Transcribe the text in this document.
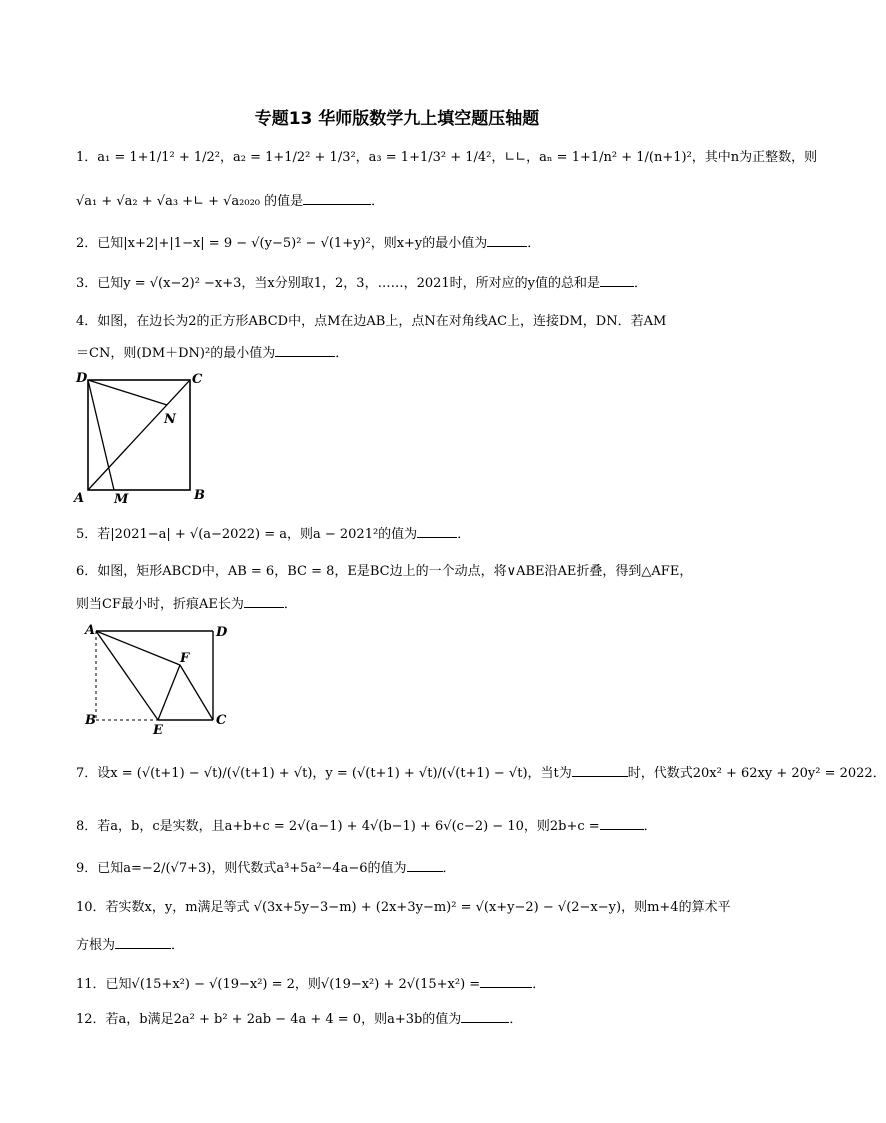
专题13 华师版数学九上填空题压轴题
1．a₁ = 1+1/1² + 1/2²，a₂ = 1+1/2² + 1/3²，a₃ = 1+1/3² + 1/4²，∟∟，aₙ = 1+1/n² + 1/(n+1)²，其中n为正整数，则
√a₁ + √a₂ + √a₃ +∟ + √a₂₀₂₀ 的值是	．
2．已知|x+2|+|1−x| = 9 − √(y−5)² − √(1+y)²，则x+y的最小值为	．
3．已知y = √(x−2)² −x+3，当x分别取1，2，3，……，2021时，所对应的y值的总和是	．
4．如图，在边长为2的正方形ABCD中，点M在边AB上，点N在对角线AC上，连接DM，DN．若AM
＝CN，则(DM＋DN)²的最小值为	．
D	C
N
A M	B
5．若|2021−a| + √(a−2022) = a，则a − 2021²的值为	．
6．如图，矩形ABCD中，AB = 6，BC = 8，E是BC边上的一个动点，将∨ABE沿AE折叠，得到△AFE，
则当CF最小时，折痕AE长为	．
A	D
F
B
E
C
7．设x = (√(t+1) − √t)/(√(t+1) + √t)，y = (√(t+1) + √t)/(√(t+1) − √t)，当t为	时，代数式20x² + 62xy + 20y² = 2022．
8．若a，b，c是实数，且a+b+c = 2√(a−1) + 4√(b−1) + 6√(c−2) − 10，则2b+c =	．
9．已知a=−2/(√7+3)，则代数式a³+5a²−4a−6的值为	．
10．若实数x，y，m满足等式 √(3x+5y−3−m) + (2x+3y−m)² = √(x+y−2) − √(2−x−y)，则m+4的算术平
方根为	．
11．已知√(15+x²) − √(19−x²) = 2，则√(19−x²) + 2√(15+x²) =	．
12．若a，b满足2a² + b² + 2ab − 4a + 4 = 0，则a+3b的值为	．
